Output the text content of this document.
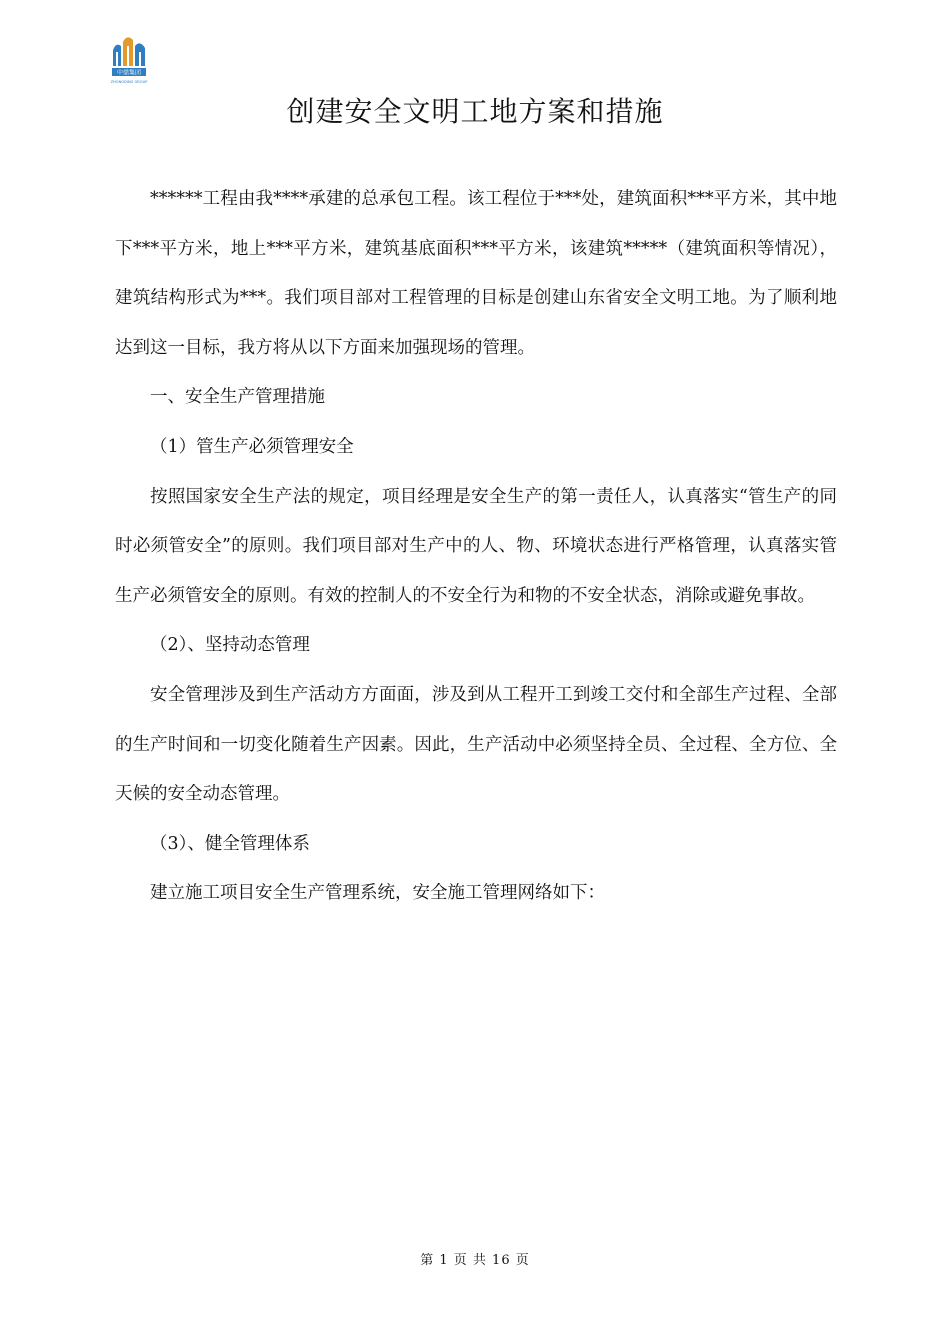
中鼎集团
ZHONGDING GROUP
创建安全文明工地方案和措施

******工程由我****承建的总承包工程。该工程位于***处，建筑面积***平方米，其中地下***平方米，地上***平方米，建筑基底面积***平方米，该建筑*****（建筑面积等情况），建筑结构形式为***。我们项目部对工程管理的目标是创建山东省安全文明工地。为了顺利地达到这一目标，我方将从以下方面来加强现场的管理。

一、安全生产管理措施

（1）管生产必须管理安全

按照国家安全生产法的规定，项目经理是安全生产的第一责任人，认真落实“管生产的同时必须管安全”的原则。我们项目部对生产中的人、物、环境状态进行严格管理，认真落实管生产必须管安全的原则。有效的控制人的不安全行为和物的不安全状态，消除或避免事故。

（2）、坚持动态管理

安全管理涉及到生产活动方方面面，涉及到从工程开工到竣工交付和全部生产过程、全部的生产时间和一切变化随着生产因素。因此，生产活动中必须坚持全员、全过程、全方位、全天候的安全动态管理。

（3）、健全管理体系

建立施工项目安全生产管理系统，安全施工管理网络如下：

第 1 页 共 16 页
